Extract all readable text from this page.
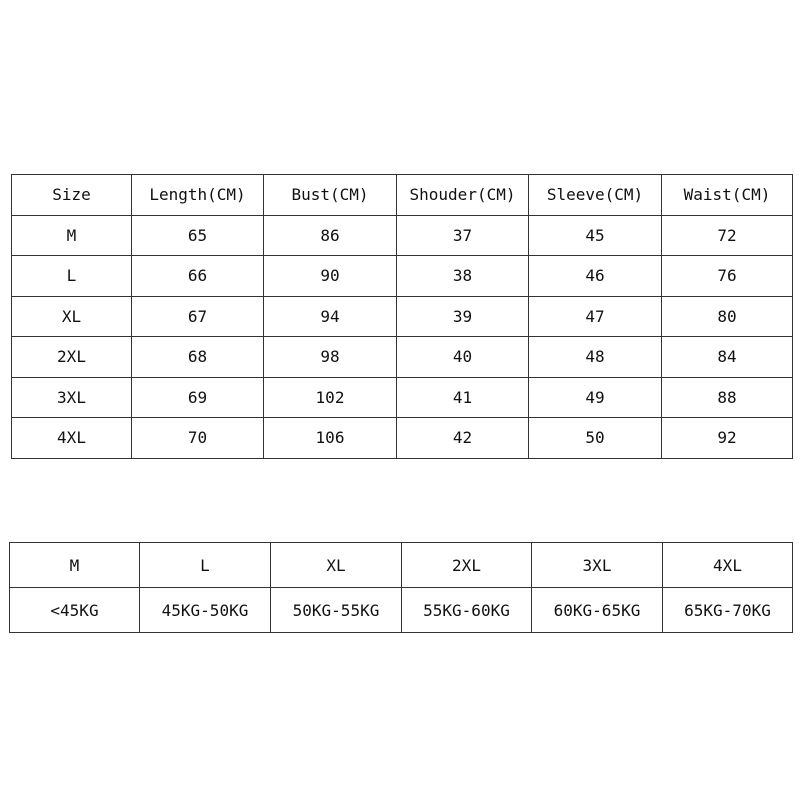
Size	Length(CM)	Bust(CM)	Shouder(CM)	Sleeve(CM)	Waist(CM)
M	65	86	37	45	72
L	66	90	38	46	76
XL	67	94	39	47	80
2XL	68	98	40	48	84
3XL	69	102	41	49	88
4XL	70	106	42	50	92
M	L	XL	2XL	3XL	4XL
<45KG	45KG-50KG	50KG-55KG	55KG-60KG	60KG-65KG	65KG-70KG
